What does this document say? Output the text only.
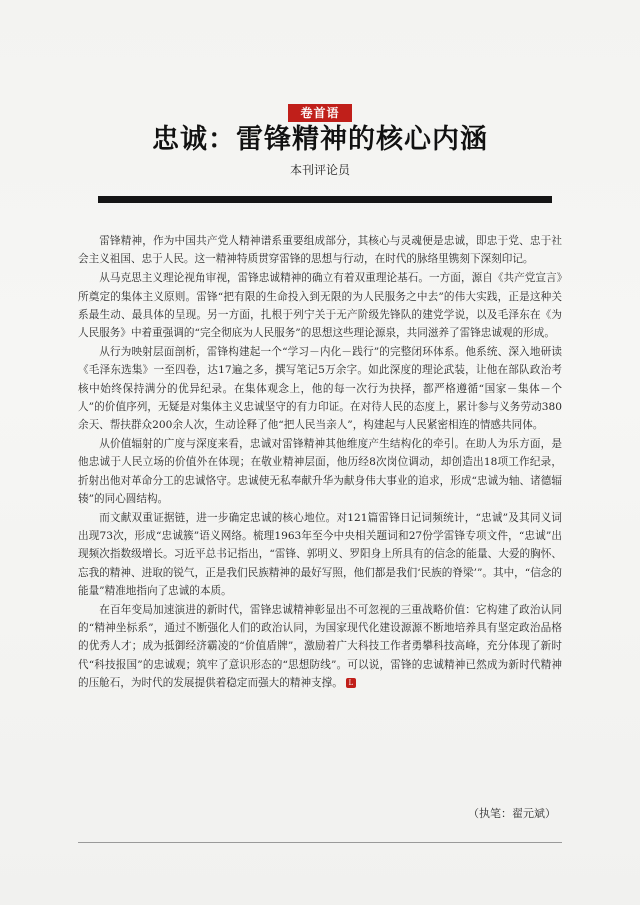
卷首语
忠诚：雷锋精神的核心内涵
本刊评论员

雷锋精神，作为中国共产党人精神谱系重要组成部分，其核心与灵魂便是忠诚，即忠于党、忠于社会主义祖国、忠于人民。这一精神特质贯穿雷锋的思想与行动，在时代的脉络里镌刻下深刻印记。

从马克思主义理论视角审视，雷锋忠诚精神的确立有着双重理论基石。一方面，源自《共产党宣言》所奠定的集体主义原则。雷锋“把有限的生命投入到无限的为人民服务之中去”的伟大实践，正是这种关系最生动、最具体的呈现。另一方面，扎根于列宁关于无产阶级先锋队的建党学说，以及毛泽东在《为人民服务》中着重强调的“完全彻底为人民服务”的思想这些理论源泉，共同滋养了雷锋忠诚观的形成。

从行为映射层面剖析，雷锋构建起一个“学习－内化－践行”的完整闭环体系。他系统、深入地研读《毛泽东选集》一至四卷，达17遍之多，撰写笔记5万余字。如此深度的理论武装，让他在部队政治考核中始终保持满分的优异纪录。在集体观念上，他的每一次行为抉择，都严格遵循“国家－集体－个人”的价值序列，无疑是对集体主义忠诚坚守的有力印证。在对待人民的态度上，累计参与义务劳动380余天、帮扶群众200余人次，生动诠释了他“把人民当亲人”，构建起与人民紧密相连的情感共同体。

从价值辐射的广度与深度来看，忠诚对雷锋精神其他维度产生结构化的牵引。在助人为乐方面，是他忠诚于人民立场的价值外在体现；在敬业精神层面，他历经8次岗位调动，却创造出18项工作纪录，折射出他对革命分工的忠诚恪守。忠诚使无私奉献升华为献身伟大事业的追求，形成“忠诚为轴、诸德辐辏”的同心圆结构。

而文献双重证据链，进一步确定忠诚的核心地位。对121篇雷锋日记词频统计，“忠诚”及其同义词出现73次，形成“忠诚簇”语义网络。梳理1963年至今中央相关题词和27份学雷锋专项文件，“忠诚”出现频次指数级增长。习近平总书记指出，“雷锋、郭明义、罗阳身上所具有的信念的能量、大爱的胸怀、忘我的精神、进取的锐气，正是我们民族精神的最好写照，他们都是我们‘民族的脊梁’”。其中，“信念的能量”精准地指向了忠诚的本质。

在百年变局加速演进的新时代，雷锋忠诚精神彰显出不可忽视的三重战略价值：它构建了政治认同的“精神坐标系”，通过不断强化人们的政治认同，为国家现代化建设源源不断地培养具有坚定政治品格的优秀人才；成为抵御经济霸凌的“价值盾牌”，激励着广大科技工作者勇攀科技高峰，充分体现了新时代“科技报国”的忠诚观；筑牢了意识形态的“思想防线”。可以说，雷锋的忠诚精神已然成为新时代精神的压舱石，为时代的发展提供着稳定而强大的精神支撑。 L

（执笔：翟元斌）
